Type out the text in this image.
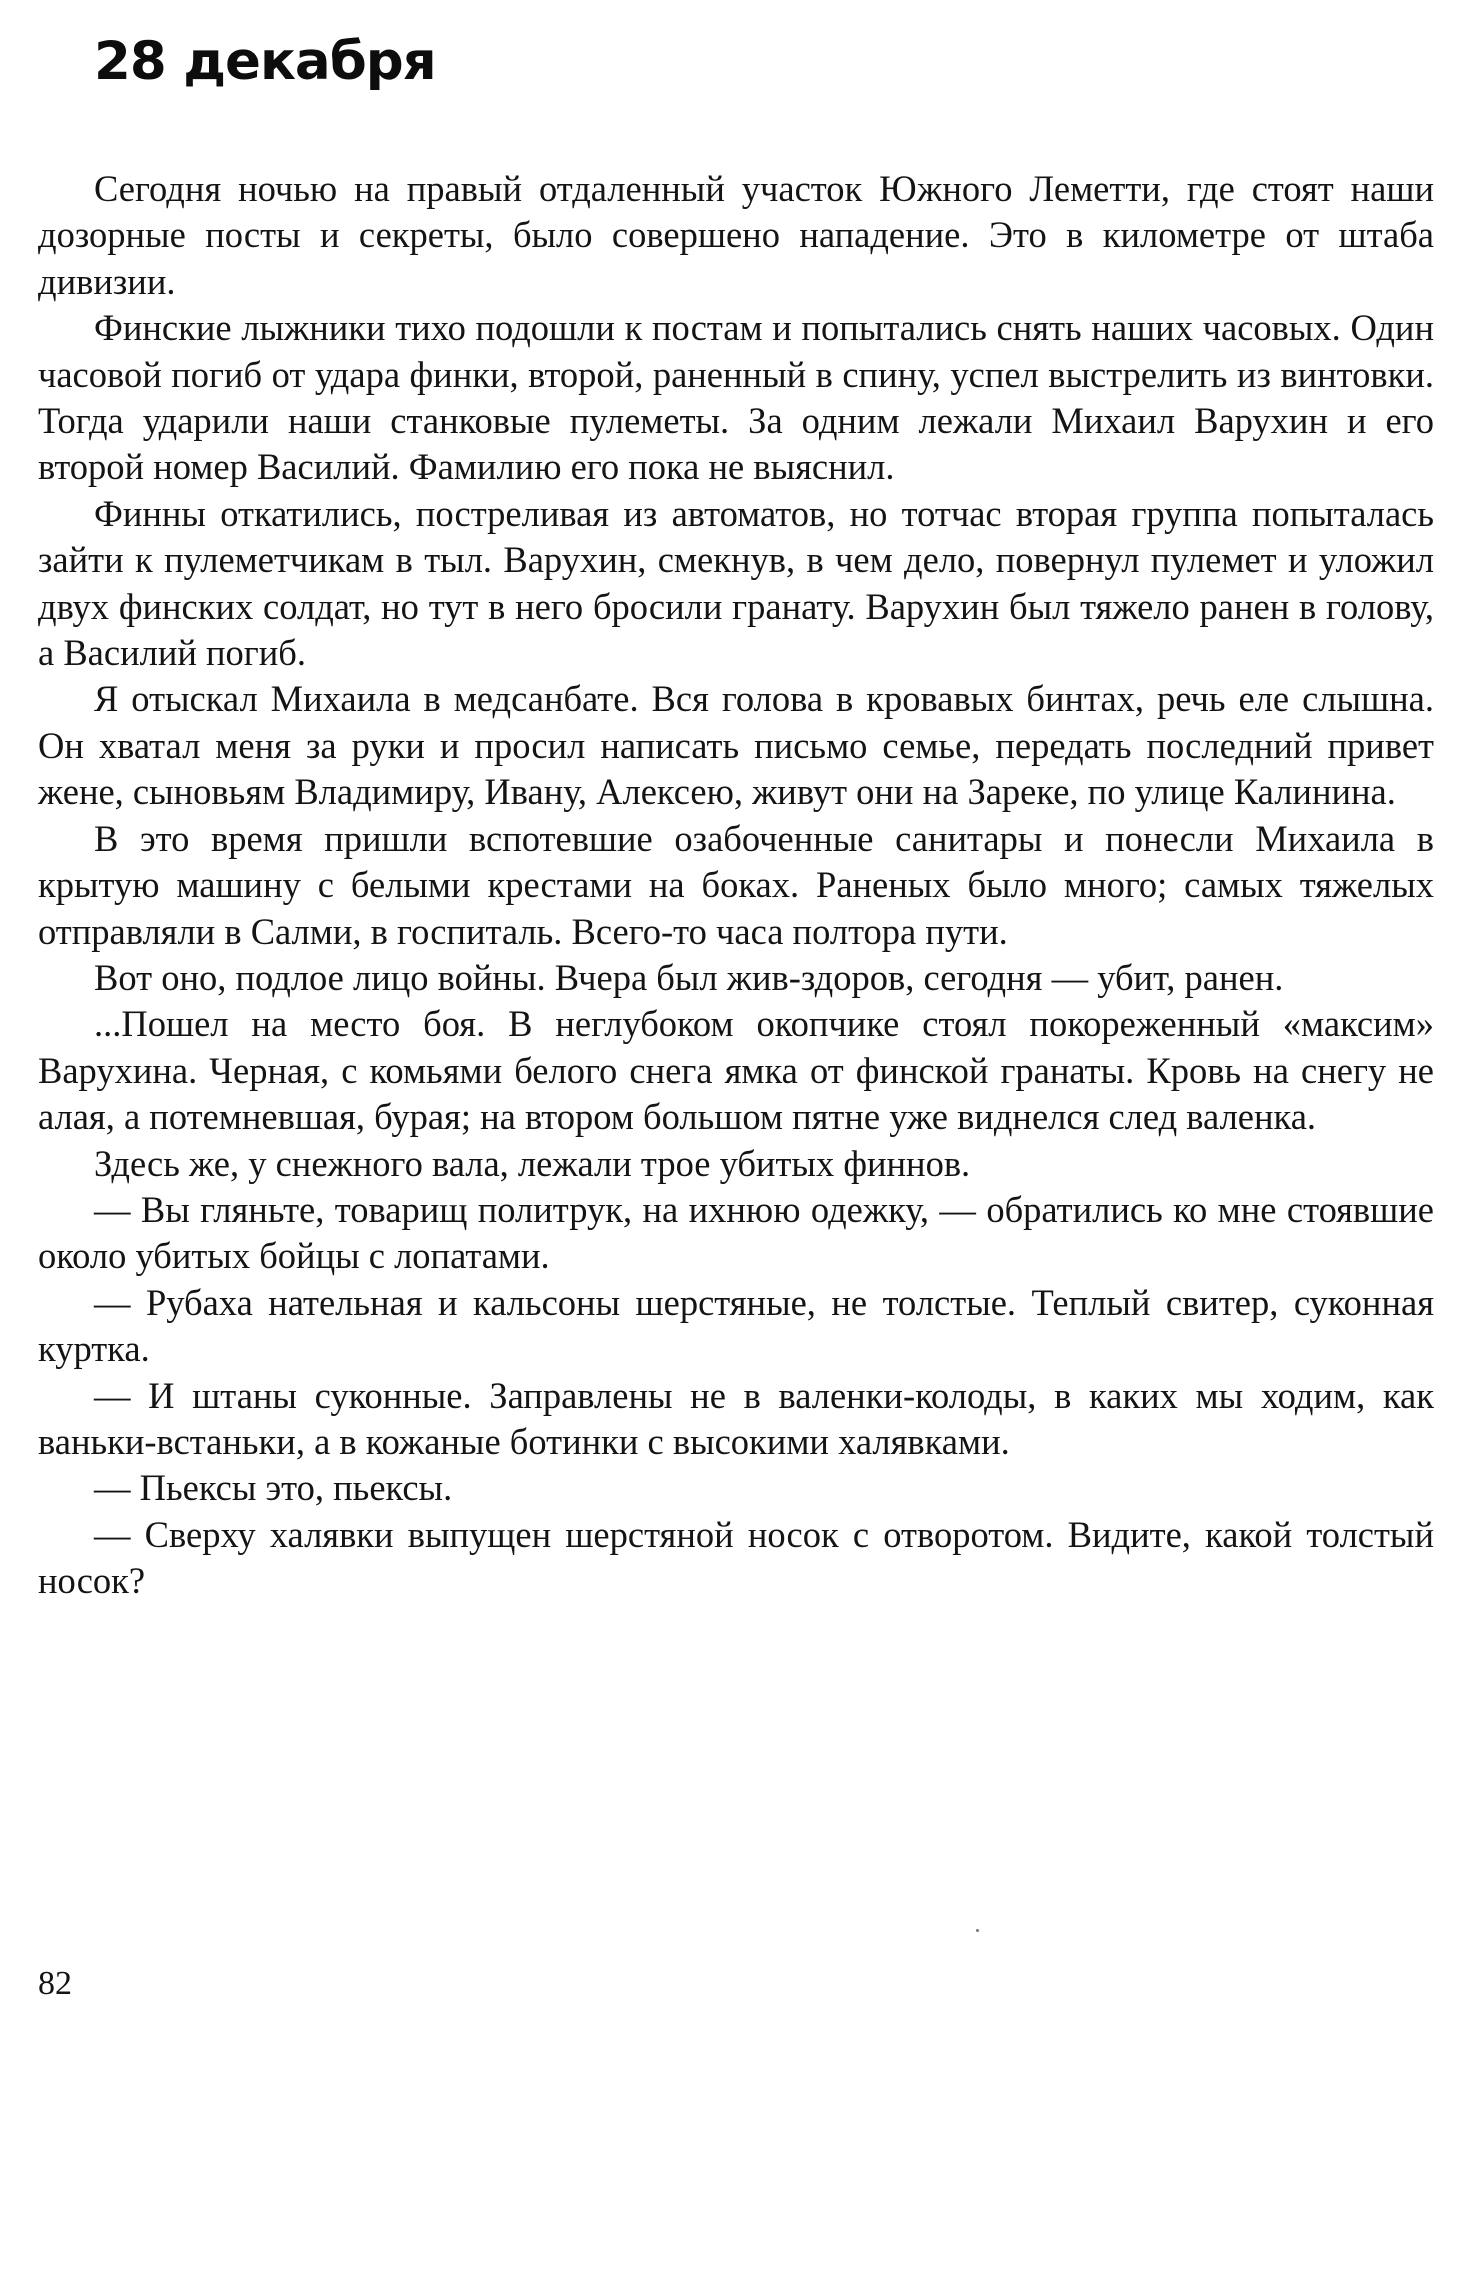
28 декабря

Сегодня ночью на правый отдаленный участок Южного Леметти, где стоят наши дозорные посты и секреты, было совершено нападение. Это в километре от штаба дивизии.

Финские лыжники тихо подошли к постам и попытались снять наших часовых. Один часовой погиб от удара финки, второй, раненный в спину, успел выстрелить из винтовки. Тогда ударили наши станковые пулеметы. За одним лежали Михаил Варухин и его второй номер Василий. Фамилию его пока не выяснил.

Финны откатились, постреливая из автоматов, но тотчас вторая группа попыталась зайти к пулеметчикам в тыл. Варухин, смекнув, в чем дело, повернул пулемет и уложил двух финских солдат, но тут в него бросили гранату. Варухин был тяжело ранен в голову, а Василий погиб.

Я отыскал Михаила в медсанбате. Вся голова в кровавых бинтах, речь еле слышна. Он хватал меня за руки и просил написать письмо семье, передать последний привет жене, сыновьям Владимиру, Ивану, Алексею, живут они на Зареке, по улице Калинина.

В это время пришли вспотевшие озабоченные санитары и понесли Михаила в крытую машину с белыми крестами на боках. Раненых было много; самых тяжелых отправляли в Салми, в госпиталь. Всего-то часа полтора пути.

Вот оно, подлое лицо войны. Вчера был жив-здоров, сегодня — убит, ранен.

...Пошел на место боя. В неглубоком окопчике стоял покореженный «максим» Варухина. Черная, с комьями белого снега ямка от финской гранаты. Кровь на снегу не алая, а потемневшая, бурая; на втором большом пятне уже виднелся след валенка.

Здесь же, у снежного вала, лежали трое убитых финнов.

— Вы гляньте, товарищ политрук, на ихнюю одежку, — обратились ко мне стоявшие около убитых бойцы с лопатами.

— Рубаха нательная и кальсоны шерстяные, не толстые. Теплый свитер, суконная куртка.

— И штаны суконные. Заправлены не в валенки-колоды, в каких мы ходим, как ваньки-встаньки, а в кожаные ботинки с высокими халявками.

— Пьексы это, пьексы.

— Сверху халявки выпущен шерстяной носок с отворотом. Видите, какой толстый носок?

82
